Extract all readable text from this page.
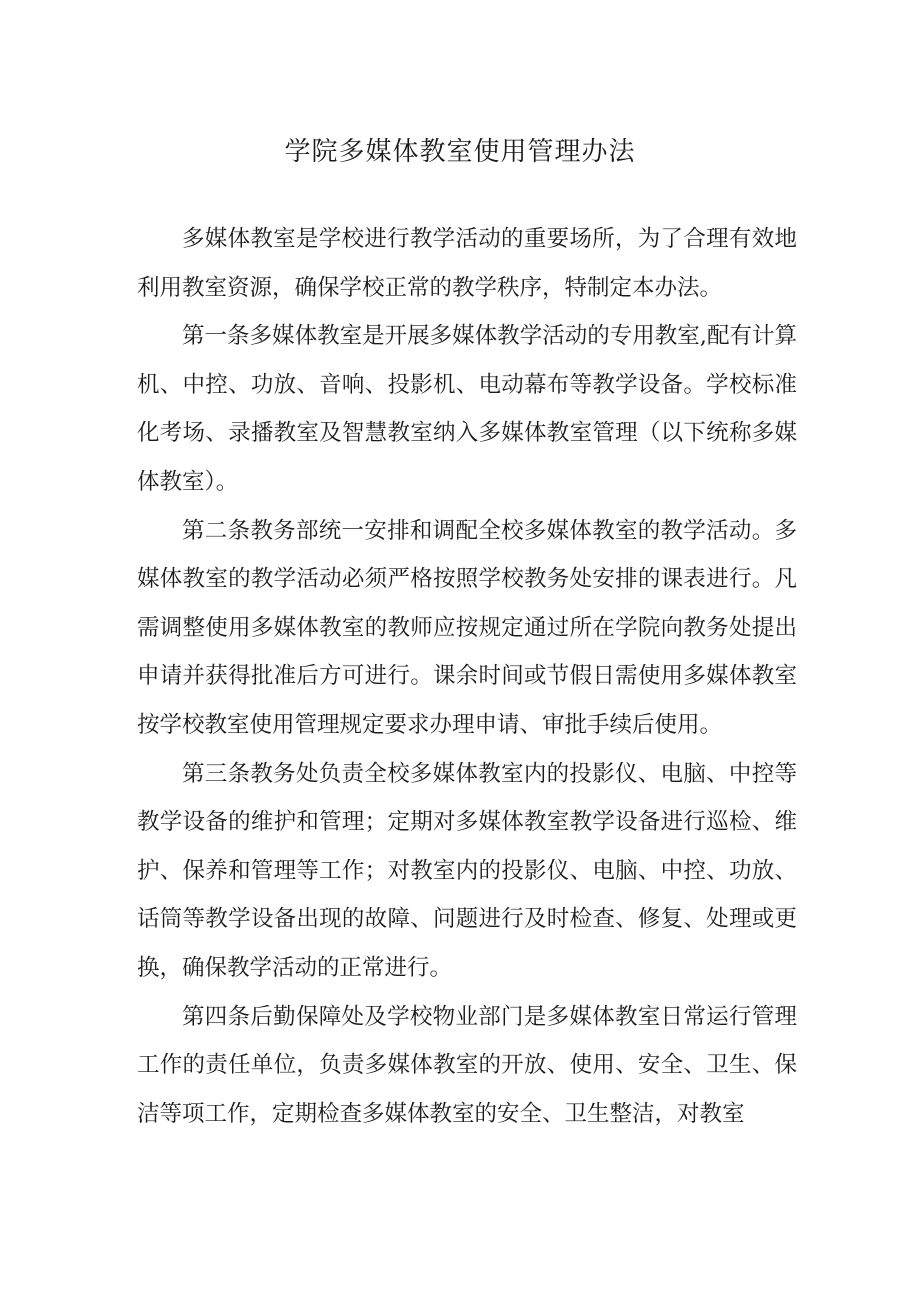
学院多媒体教室使用管理办法

多媒体教室是学校进行教学活动的重要场所，为了合理有效地利用教室资源，确保学校正常的教学秩序，特制定本办法。

第一条多媒体教室是开展多媒体教学活动的专用教室,配有计算机、中控、功放、音响、投影机、电动幕布等教学设备。学校标准化考场、录播教室及智慧教室纳入多媒体教室管理（以下统称多媒体教室）。

第二条教务部统一安排和调配全校多媒体教室的教学活动。多媒体教室的教学活动必须严格按照学校教务处安排的课表进行。凡需调整使用多媒体教室的教师应按规定通过所在学院向教务处提出申请并获得批准后方可进行。课余时间或节假日需使用多媒体教室按学校教室使用管理规定要求办理申请、审批手续后使用。

第三条教务处负责全校多媒体教室内的投影仪、电脑、中控等教学设备的维护和管理；定期对多媒体教室教学设备进行巡检、维护、保养和管理等工作；对教室内的投影仪、电脑、中控、功放、话筒等教学设备出现的故障、问题进行及时检查、修复、处理或更换，确保教学活动的正常进行。

第四条后勤保障处及学校物业部门是多媒体教室日常运行管理工作的责任单位，负责多媒体教室的开放、使用、安全、卫生、保洁等项工作，定期检查多媒体教室的安全、卫生整洁，对教室
